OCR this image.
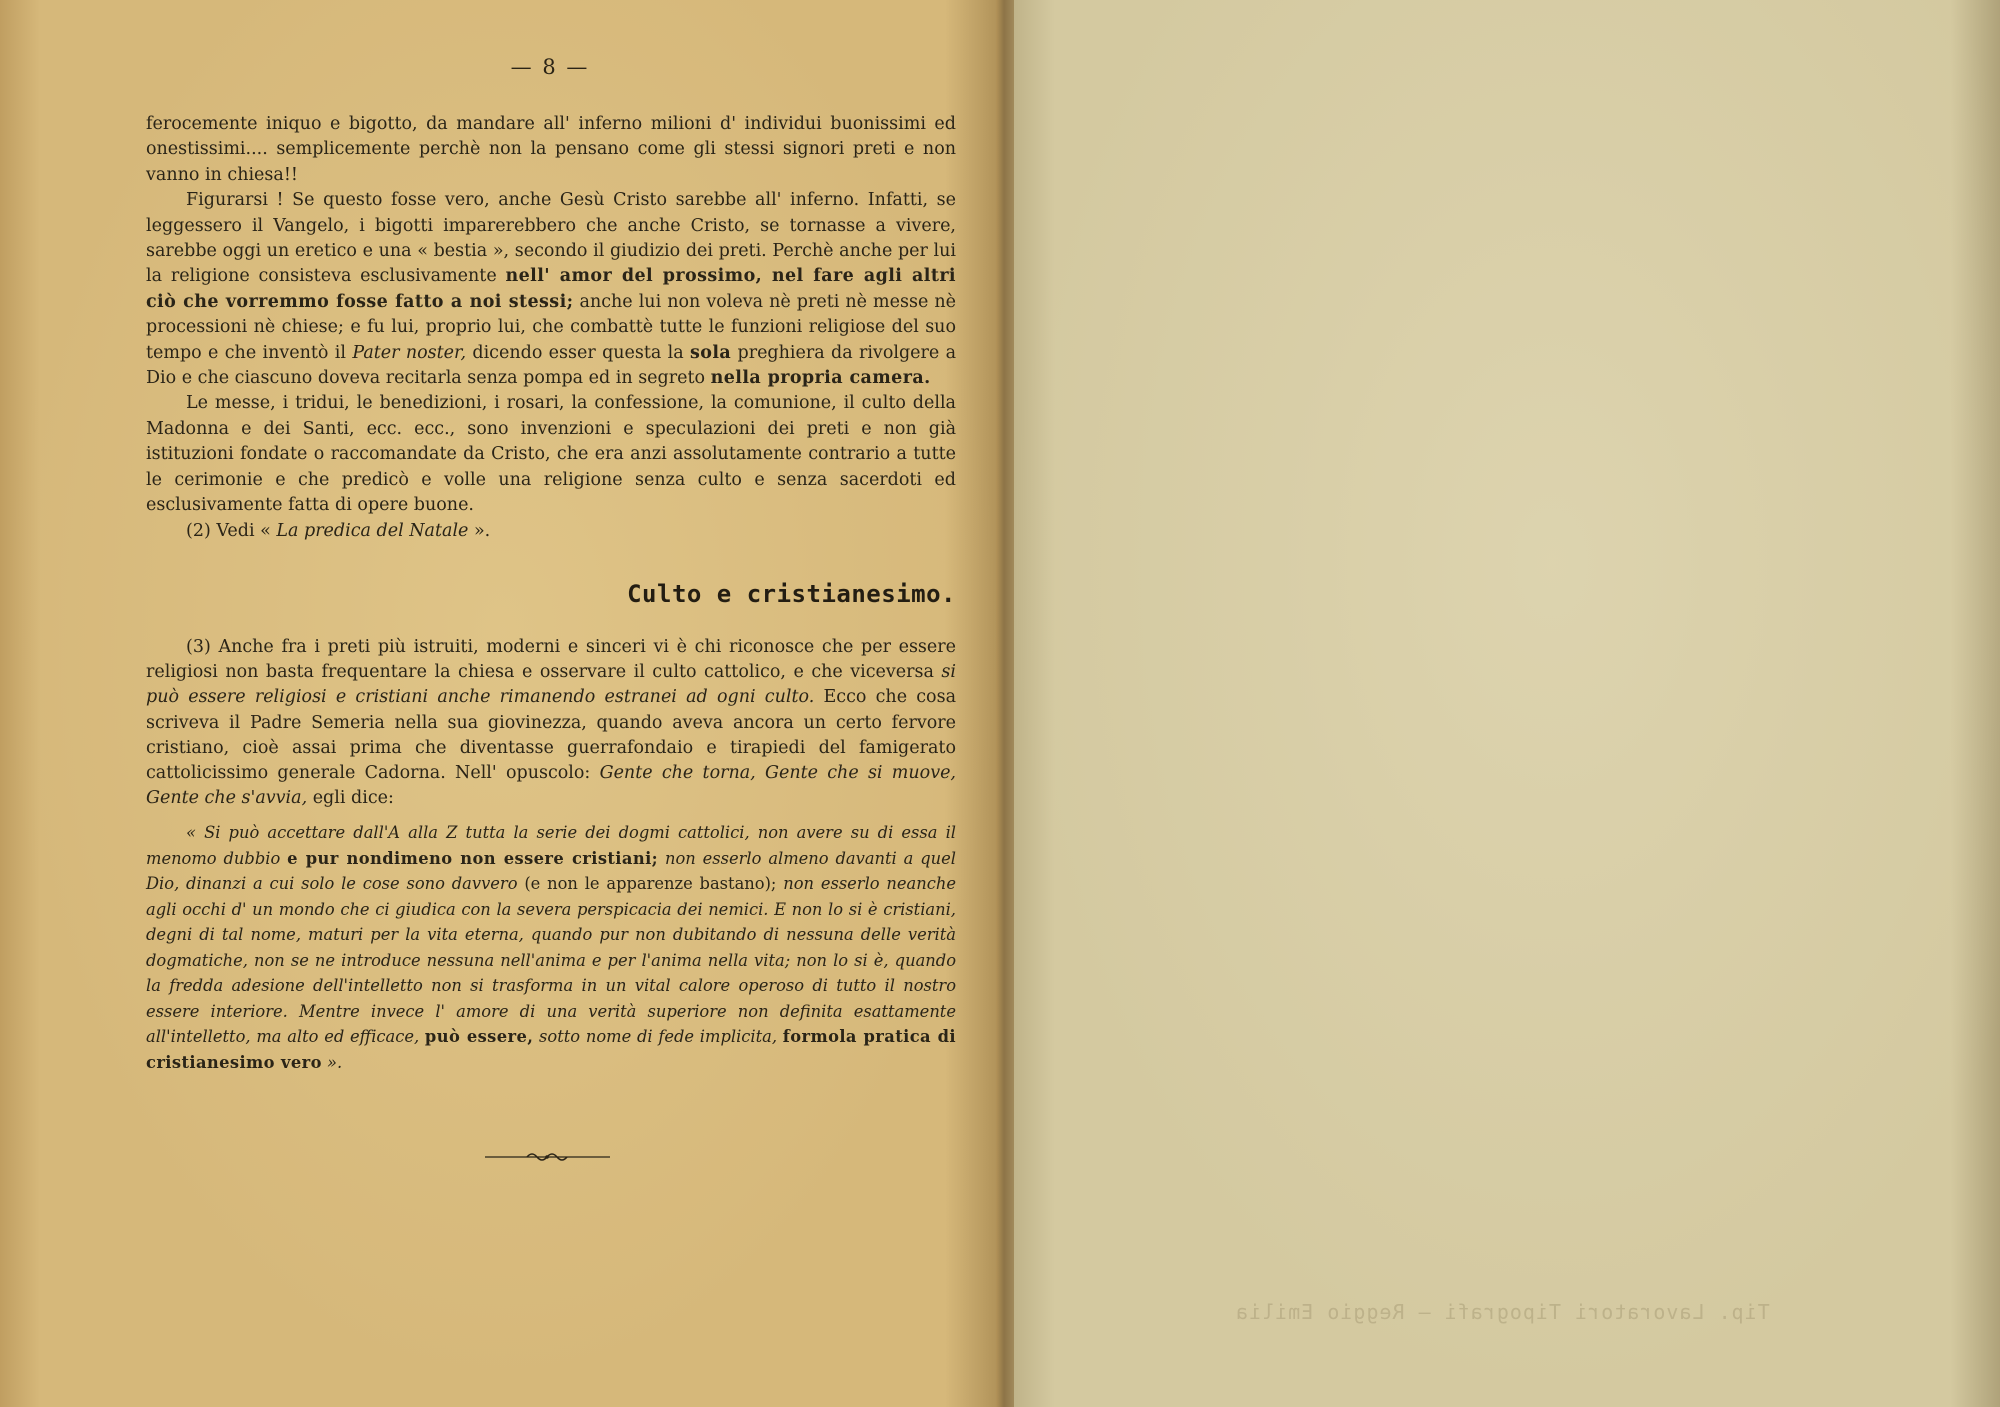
— 8 —

ferocemente iniquo e bigotto, da mandare all' inferno milioni d' individui buonissimi ed onestissimi.... semplicemente perchè non la pensano come gli stessi signori preti e non vanno in chiesa!!

Figurarsi ! Se questo fosse vero, anche Gesù Cristo sarebbe all' inferno. Infatti, se leggessero il Vangelo, i bigotti imparerebbero che anche Cristo, se tornasse a vivere, sarebbe oggi un eretico e una « bestia », secondo il giudizio dei preti. Perchè anche per lui la religione consisteva esclusivamente nell' amor del prossimo, nel fare agli altri ciò che vorremmo fosse fatto a noi stessi; anche lui non voleva nè preti nè messe nè processioni nè chiese; e fu lui, proprio lui, che combattè tutte le funzioni religiose del suo tempo e che inventò il Pater noster, dicendo esser questa la sola preghiera da rivolgere a Dio e che ciascuno doveva recitarla senza pompa ed in segreto nella propria camera.

Le messe, i tridui, le benedizioni, i rosari, la confessione, la comunione, il culto della Madonna e dei Santi, ecc. ecc., sono invenzioni e speculazioni dei preti e non già istituzioni fondate o raccomandate da Cristo, che era anzi assolutamente contrario a tutte le cerimonie e che predicò e volle una religione senza culto e senza sacerdoti ed esclusivamente fatta di opere buone.

(2) Vedi « La predica del Natale ».

Culto e cristianesimo.

(3) Anche fra i preti più istruiti, moderni e sinceri vi è chi riconosce che per essere religiosi non basta frequentare la chiesa e osservare il culto cattolico, e che viceversa si può essere religiosi e cristiani anche rimanendo estranei ad ogni culto. Ecco che cosa scriveva il Padre Semeria nella sua giovinezza, quando aveva ancora un certo fervore cristiano, cioè assai prima che diventasse guerrafondaio e tirapiedi del famigerato cattolicissimo generale Cadorna. Nell' opuscolo: Gente che torna, Gente che si muove, Gente che s'avvia, egli dice:

« Si può accettare dall'A alla Z tutta la serie dei dogmi cattolici, non avere su di essa il menomo dubbio e pur nondimeno non essere cristiani; non esserlo almeno davanti a quel Dio, dinanzi a cui solo le cose sono davvero (e non le apparenze bastano); non esserlo neanche agli occhi d' un mondo che ci giudica con la severa perspicacia dei nemici. E non lo si è cristiani, degni di tal nome, maturi per la vita eterna, quando pur non dubitando di nessuna delle verità dogmatiche, non se ne introduce nessuna nell'anima e per l'anima nella vita; non lo si è, quando la fredda adesione dell'intelletto non si trasforma in un vital calore operoso di tutto il nostro essere interiore. Mentre invece l' amore di una verità superiore non definita esattamente all'intelletto, ma alto ed efficace, può essere, sotto nome di fede implicita, formola pratica di cristianesimo vero ».

Tip. Lavoratori Tipografi — Reggio Emilia
